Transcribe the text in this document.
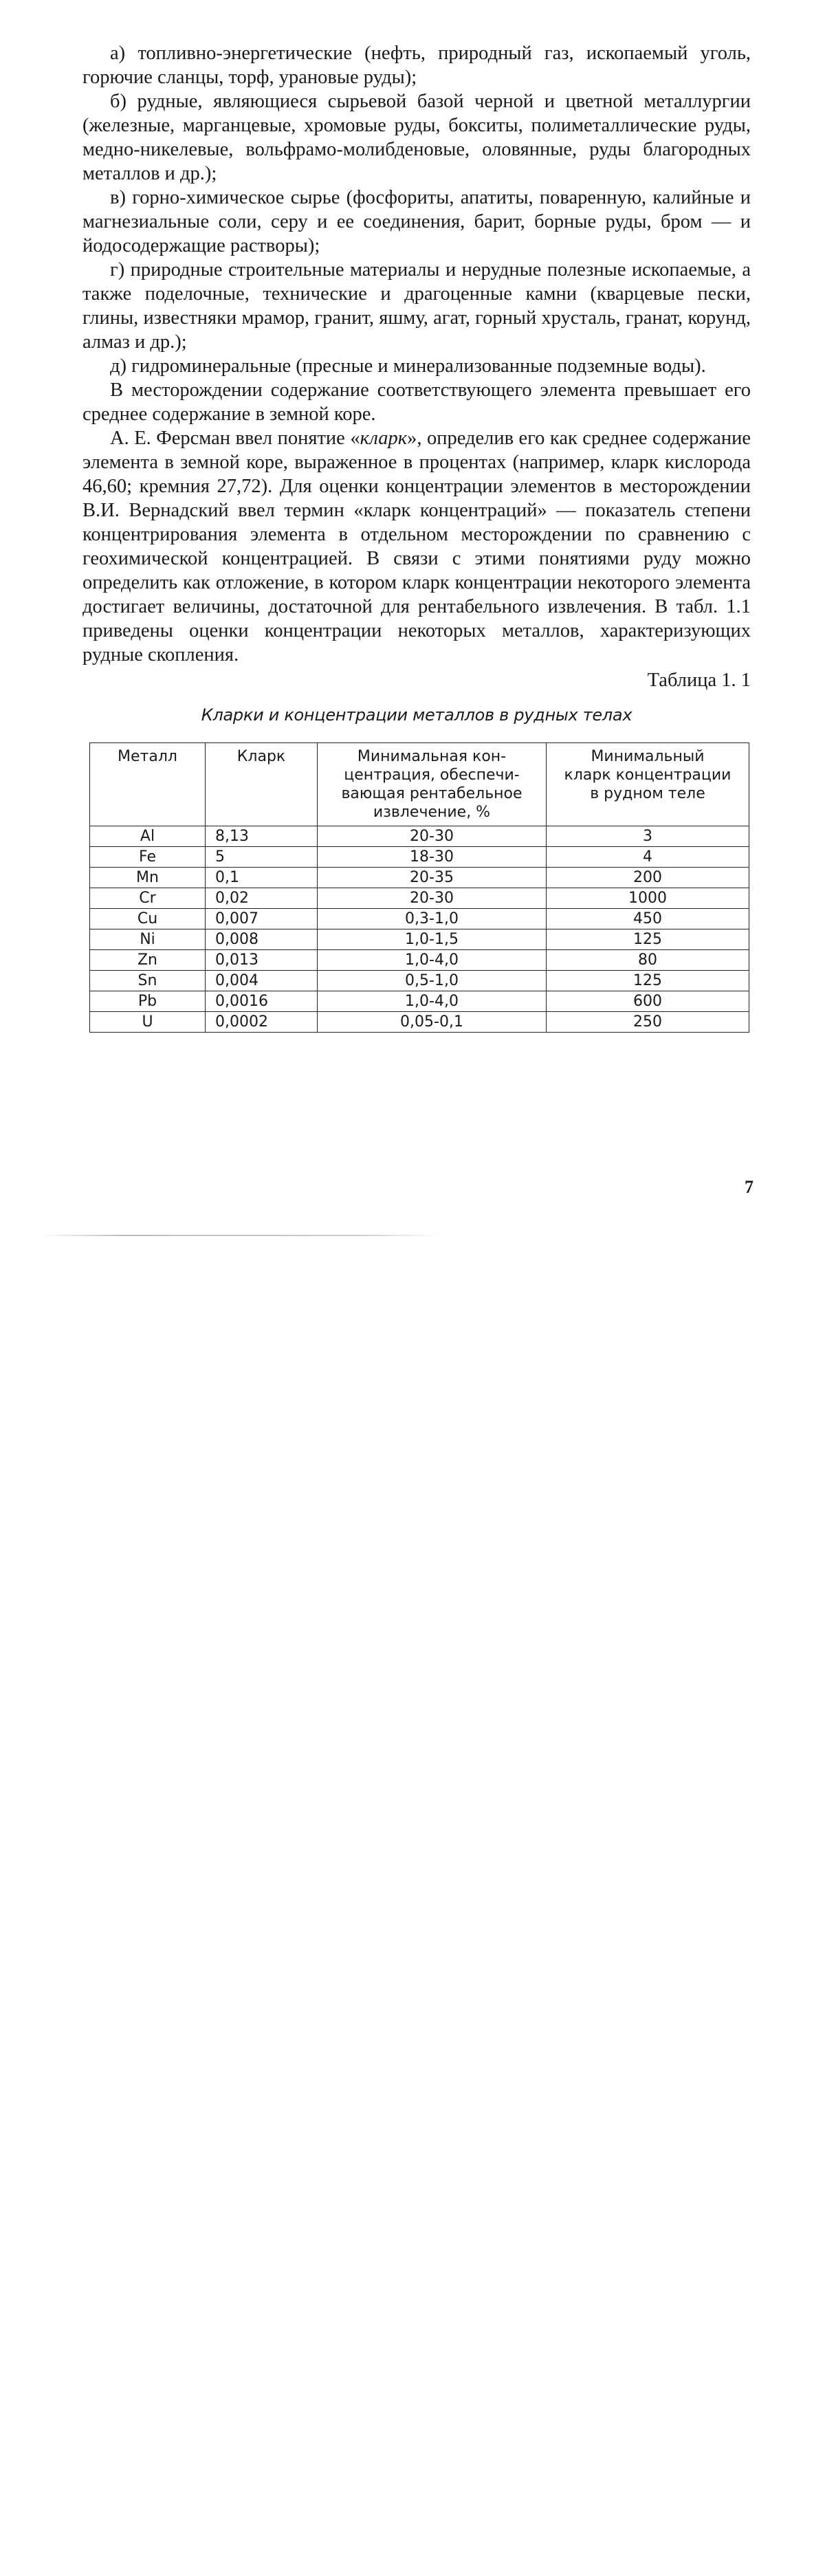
а) топливно-энергетические (нефть, природный газ, ископаемый уголь, горючие сланцы, торф, урановые руды);

б) рудные, являющиеся сырьевой базой черной и цветной металлургии (железные, марганцевые, хромовые руды, бокситы, полиметаллические руды, медно-никелевые, вольфрамо-молибденовые, оловянные, руды благородных металлов и др.);

в) горно-химическое сырье (фосфориты, апатиты, поваренную, калийные и магнезиальные соли, серу и ее соединения, барит, борные руды, бром — и йодосодержащие растворы);

г) природные строительные материалы и нерудные полезные ископаемые, а также поделочные, технические и драгоценные камни (кварцевые пески, глины, известняки мрамор, гранит, яшму, агат, горный хрусталь, гранат, корунд, алмаз и др.);

д) гидроминеральные (пресные и минерализованные подземные воды).

В месторождении содержание соответствующего элемента превышает его среднее содержание в земной коре.

А. Е. Ферсман ввел понятие «кларк», определив его как среднее содержание элемента в земной коре, выраженное в процентах (например, кларк кислорода 46,60; кремния 27,72). Для оценки концентрации элементов в месторождении В.И. Вернадский ввел термин «кларк концентраций» — показатель степени концентрирования элемента в отдельном месторождении по сравнению с геохимической концентрацией. В связи с этими понятиями руду можно определить как отложение, в котором кларк концентрации некоторого элемента достигает величины, достаточной для рентабельного извлечения. В табл. 1.1 приведены оценки концентрации некоторых металлов, характеризующих рудные скопления.

Таблица 1. 1
Кларки и концентрации металлов в рудных телах
Металл	Кларк	Минимальная кон-
центрация, обеспечи-
вающая рентабельное
извлечение, %	Минимальный
кларк концентрации
в рудном теле
Al	8,13	20-30	3
Fe	5	18-30	4
Mn	0,1	20-35	200
Cr	0,02	20-30	1000
Cu	0,007	0,3-1,0	450
Ni	0,008	1,0-1,5	125
Zn	0,013	1,0-4,0	80
Sn	0,004	0,5-1,0	125
Pb	0,0016	1,0-4,0	600
U	0,0002	0,05-0,1	250
7
